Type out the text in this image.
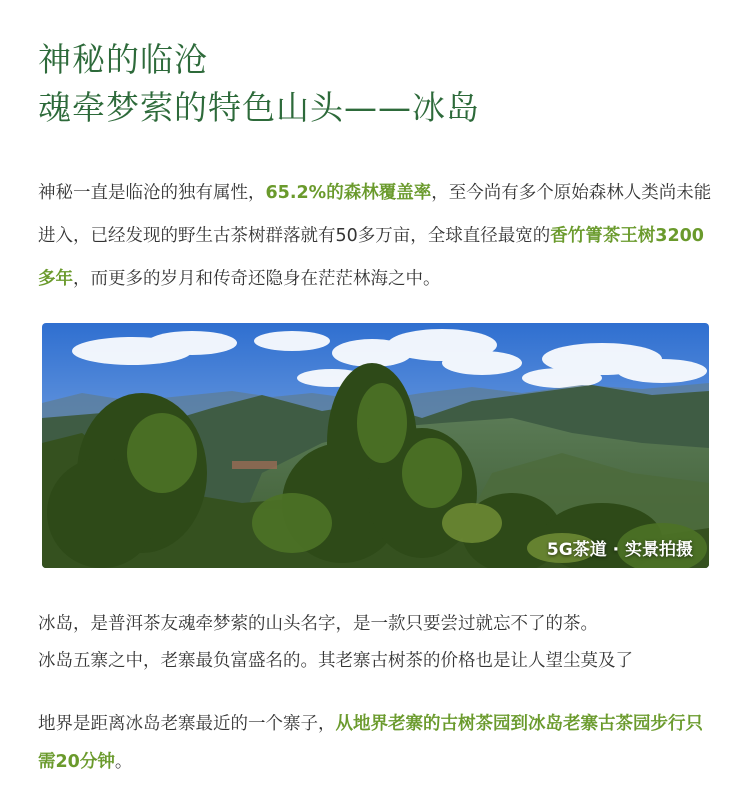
神秘的临沧
魂牵梦萦的特色山头——冰岛

神秘一直是临沧的独有属性，65.2%的森林覆盖率，至今尚有多个原始森林人类尚未能进入，已经发现的野生古茶树群落就有50多万亩，全球直径最宽的香竹箐茶王树3200多年，而更多的岁月和传奇还隐身在茫茫林海之中。

5G茶道 · 实景拍摄

冰岛，是普洱茶友魂牵梦萦的山头名字，是一款只要尝过就忘不了的茶。

冰岛五寨之中，老寨最负富盛名的。其老寨古树茶的价格也是让人望尘莫及了

地界是距离冰岛老寨最近的一个寨子，从地界老寨的古树茶园到冰岛老寨古茶园步行只需20分钟。
